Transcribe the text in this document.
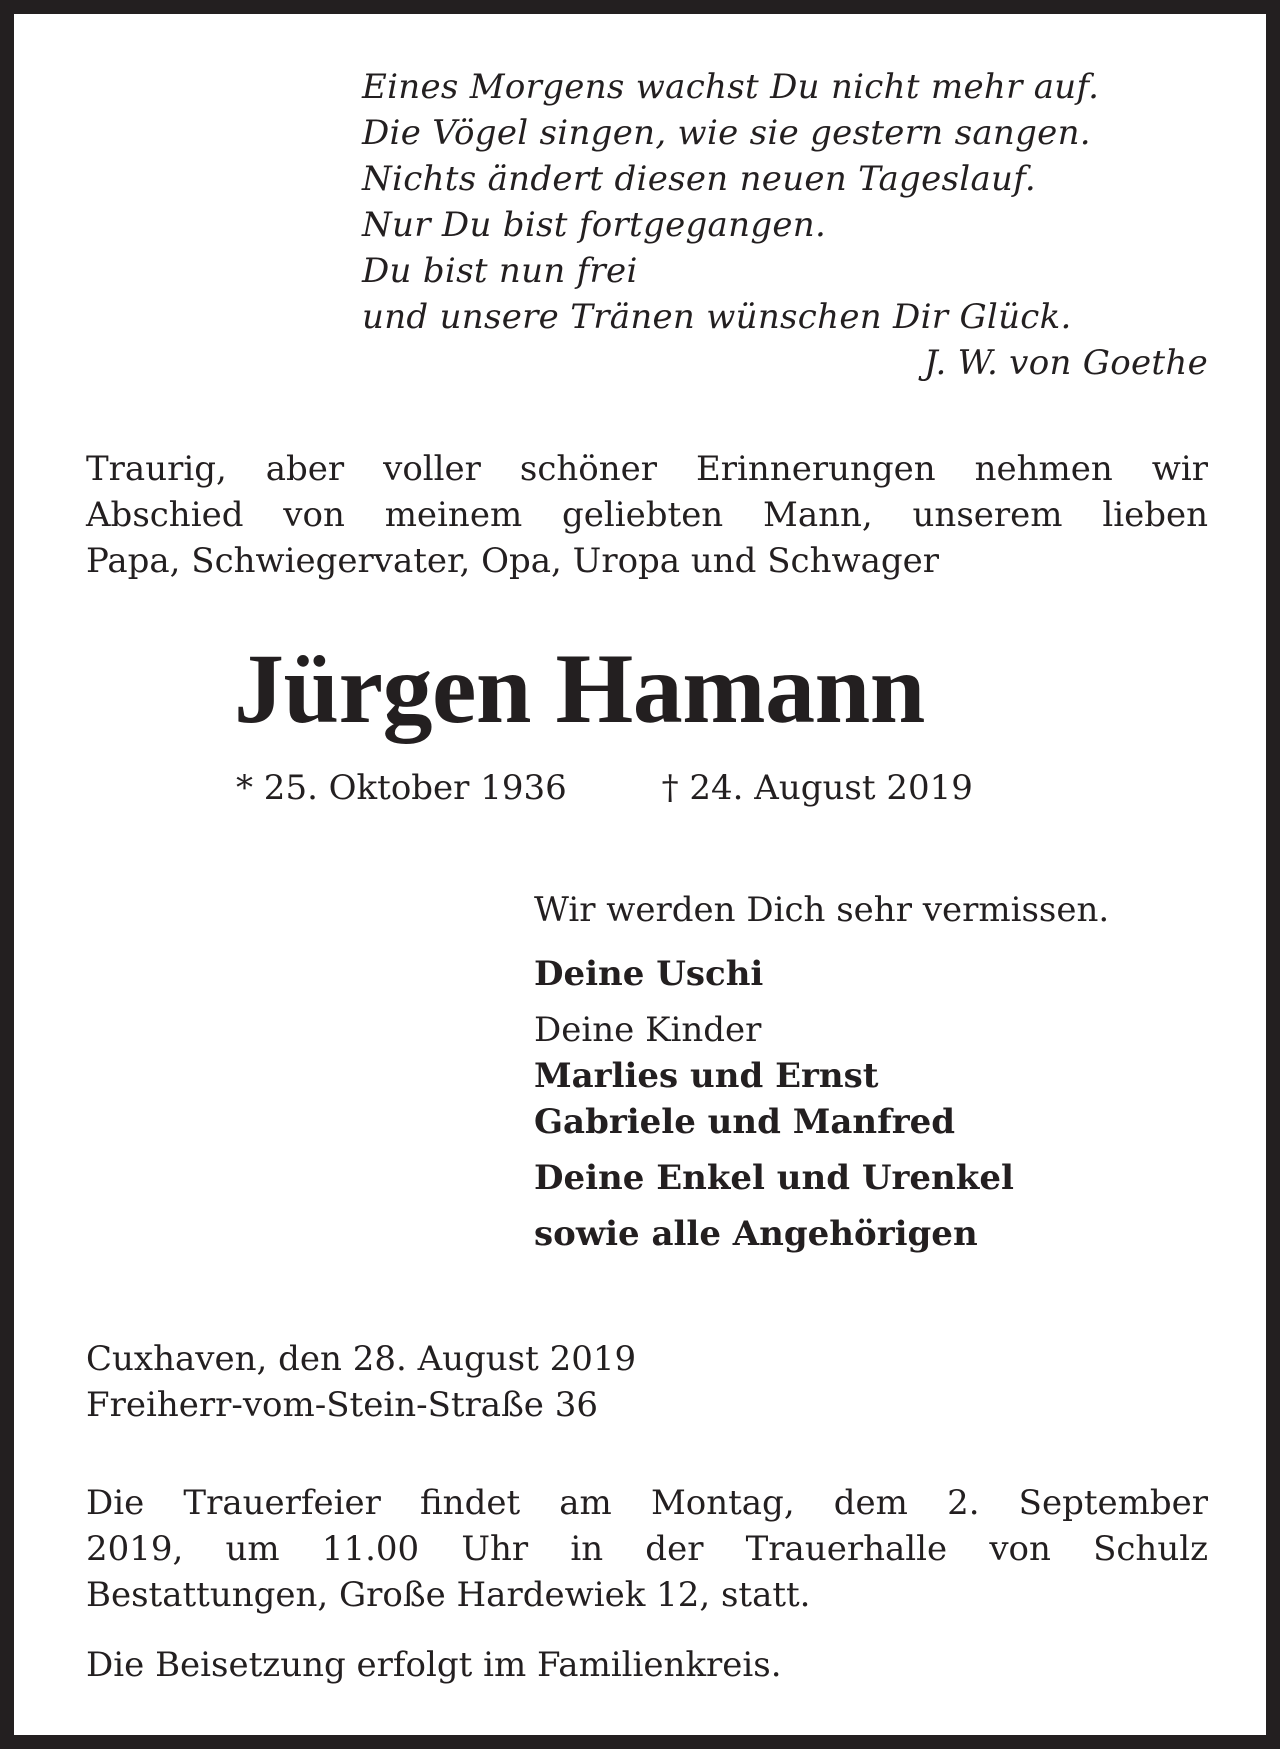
Eines Morgens wachst Du nicht mehr auf.
Die Vögel singen, wie sie gestern sangen.
Nichts ändert diesen neuen Tageslauf.
Nur Du bist fortgegangen.
Du bist nun frei
und unsere Tränen wünschen Dir Glück.
J. W. von Goethe
Traurig, aber voller schöner Erinnerungen nehmen wir
Abschied von meinem geliebten Mann, unserem lieben
Papa, Schwiegervater, Opa, Uropa und Schwager
Jürgen Hamann
* 25. Oktober 1936	† 24. August 2019
Wir werden Dich sehr vermissen.
Deine Uschi
Deine Kinder
Marlies und Ernst
Gabriele und Manfred
Deine Enkel und Urenkel
sowie alle Angehörigen
Cuxhaven, den 28. August 2019
Freiherr-vom-Stein-Straße 36
Die Trauerfeier findet am Montag, dem 2. September
2019, um 11.00 Uhr in der Trauerhalle von Schulz
Bestattungen, Große Hardewiek 12, statt.
Die Beisetzung erfolgt im Familienkreis.
